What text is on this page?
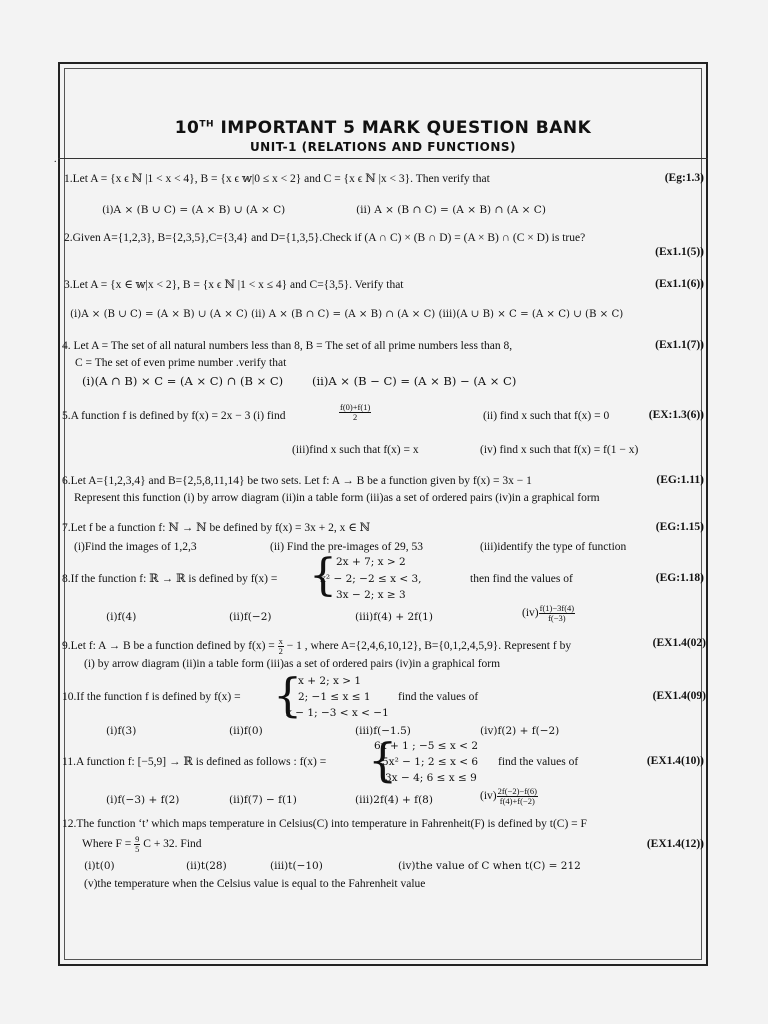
10TH IMPORTANT 5 MARK QUESTION BANK
UNIT-1 (RELATIONS AND FUNCTIONS)
.
1.Let A = {x ϵ ℕ |1 < x < 4}, B = {x ϵ 𝕨|0 ≤ x < 2} and C = {x ϵ ℕ |x < 3}. Then verify that	(Eg:1.3)
(i)A × (B ∪ C) = (A × B) ∪ (A × C)	(ii) A × (B ∩ C) = (A × B) ∩ (A × C)
2.Given A={1,2,3}, B={2,3,5},C={3,4} and D={1,3,5}.Check if (A ∩ C) × (B ∩ D) = (A × B) ∩ (C × D) is true?
(Ex1.1(5))
3.Let A = {x ∈ 𝕨|x < 2}, B = {x ϵ ℕ |1 < x ≤ 4} and C={3,5}. Verify that	(Ex1.1(6))
(i)A × (B ∪ C) = (A × B) ∪ (A × C) (ii) A × (B ∩ C) = (A × B) ∩ (A × C) (iii)(A ∪ B) × C = (A × C) ∪ (B × C)
4. Let A = The set of all natural numbers less than 8, B = The set of all prime numbers less than 8,	(Ex1.1(7))
C = The set of even prime number .verify that
(i)(A ∩ B) × C = (A × C) ∩ (B × C)	(ii)A × (B − C) = (A × B) − (A × C)
5.A function f is defined by f(x) = 2x − 3 (i) find	$\frac{f(0)+f(1)}{2}$	(ii) find x such that f(x) = 0	(EX:1.3(6))
(iii)find x such that f(x) = x	(iv) find x such that f(x) = f(1 − x)
6.Let A={1,2,3,4} and B={2,5,8,11,14} be two sets. Let f: A → B be a function given by f(x) = 3x − 1	(EG:1.11)
Represent this function (i) by arrow diagram (ii)in a table form (iii)as a set of ordered pairs (iv)in a graphical form
7.Let f be a function f: ℕ → ℕ be defined by f(x) = 3x + 2, x ∈ ℕ	(EG:1.15)
(i)Find the images of 1,2,3	(ii) Find the pre-images of 29, 53	(iii)identify the type of function
{ 2x + 7; x > 2
8.If the function f: ℝ → ℝ is defined by f(x) =	x² − 2; −2 ≤ x < 3,	then find the values of	(EG:1.18)
3x − 2; x ≥ 3
(i)f(4)	(ii)f(−2)	(iii)f(4) + 2f(1)	$(iv) \frac{f(1)-3f(4)}{f(-3)}$
9.Let f: A → B be a function defined by $f(x) = \frac{x}{2} - 1$ , where A={2,4,6,10,12}, B={0,1,2,4,5,9}. Represent f by	(EX1.4(02)
(i) by arrow diagram (ii)in a table form (iii)as a set of ordered pairs (iv)in a graphical form
{
x + 2; x > 1
10.If the function f is defined by f(x) =	2; −1 ≤ x ≤ 1 find the values of	(EX1.4(09)
x − 1; −3 < x < −1
(i)f(3)	(ii)f(0)	(iii)f(−1.5)	(iv)f(2) + f(−2)
{
6x + 1 ; −5 ≤ x < 2
11.A function f: [−5,9] → ℝ is defined as follows : f(x) =	5x² − 1; 2 ≤ x < 6 find the values of	(EX1.4(10))
3x − 4; 6 ≤ x ≤ 9
(i)f(−3) + f(2)	(ii)f(7) − f(1)	(iii)2f(4) + f(8)	$(iv) \frac{2f(-2)-f(6)}{f(4)+f(-2)}$
12.The function ‘t’ which maps temperature in Celsius(C) into temperature in Fahrenheit(F) is defined by t(C) = F
Where $F = \frac{9}{5}$ C + 32. Find	(EX1.4(12))
(i)t(0)	(ii)t(28)	(iii)t(−10)	(iv)the value of C when t(C) = 212
(v)the temperature when the Celsius value is equal to the Fahrenheit value
